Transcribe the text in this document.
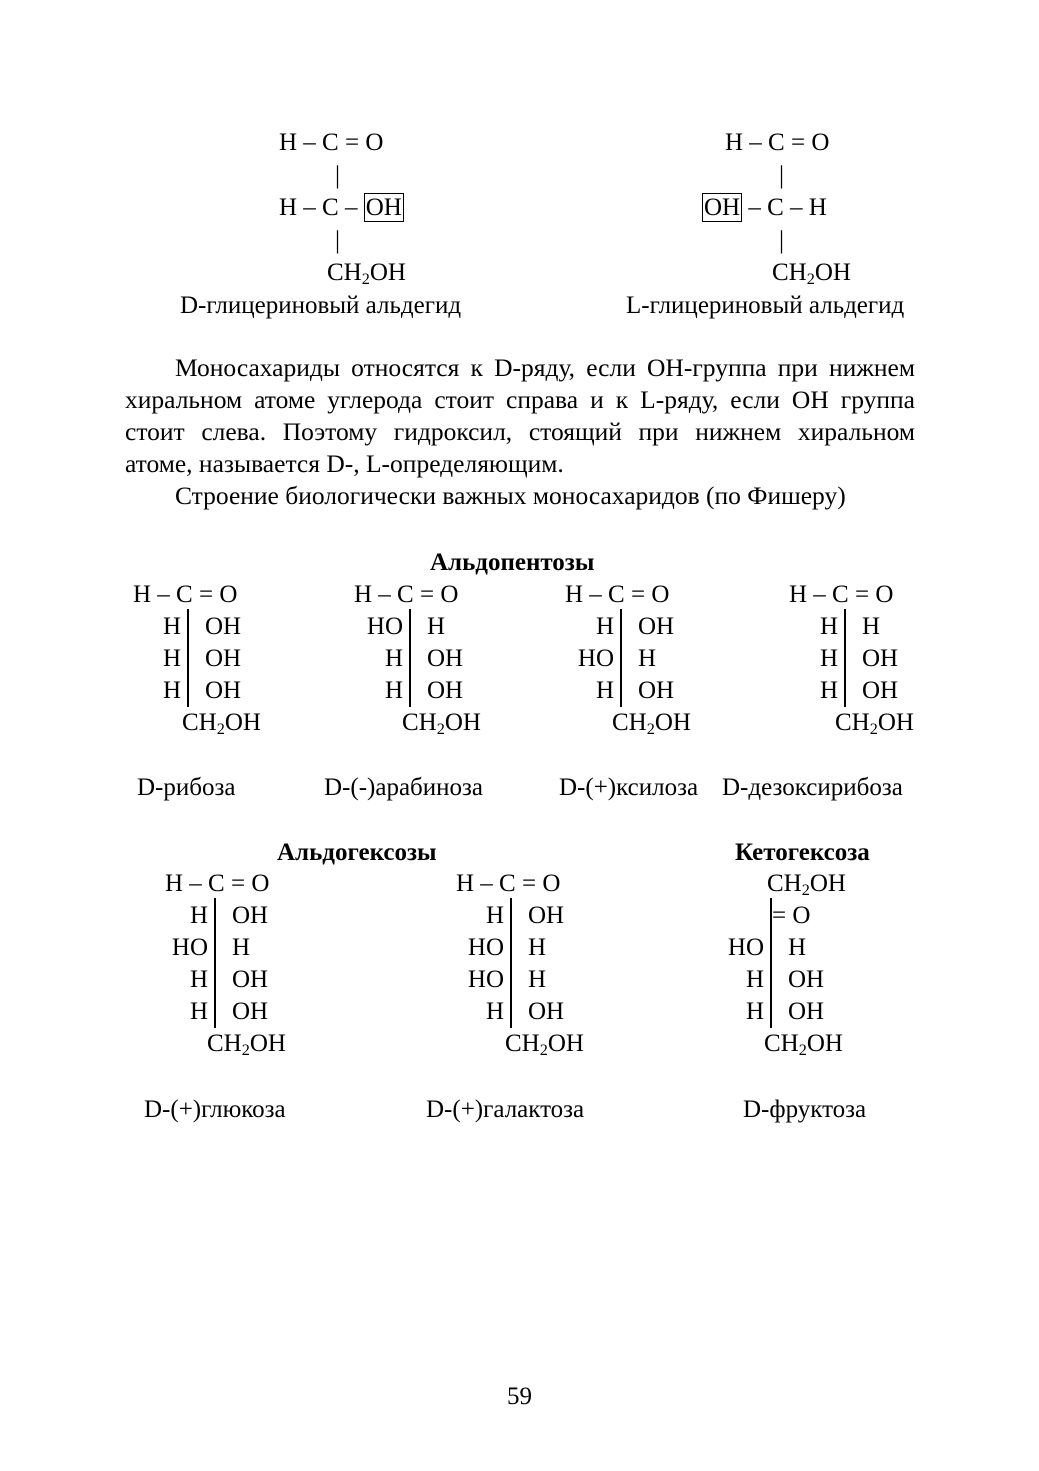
H – C = O
|
H – C – OH
|
$CH_2OH$
D-глицериновый альдегид
H – C = O
|
OH – C – H
|
$CH_2OH$
L-глицериновый альдегид

Моносахариды относятся к D-ряду, если OH-группа при нижнем хиральном атоме углерода стоит справа и к L-ряду, если OH группа стоит слева. Поэтому гидроксил, стоящий при нижнем хиральном атоме, называется D-, L-определяющим.

Строение биологически важных моносахаридов (по Фишеру)

Альдопентозы
H – C = O
H OH
H OH
H OH
$CH_2OH$
D-рибоза
H – C = O
HO H
H OH
H OH
$CH_2OH$
D-(-)арабиноза
H – C = O
H OH
HO H
H OH
$CH_2OH$
D-(+)ксилоза
H – C = O
H H
H OH
H OH
$CH_2OH$
D-дезоксирибоза
Альдогексозы
H – C = O
H OH
HO H
H OH
H OH
$CH_2OH$
D-(+)глюкоза
H – C = O
H OH
HO H
HO H
H OH
$CH_2OH$
D-(+)галактоза
Кетогексоза
$CH_2OH$
= O
HO H
H OH
H OH
$CH_2OH$
D-фруктоза
59
